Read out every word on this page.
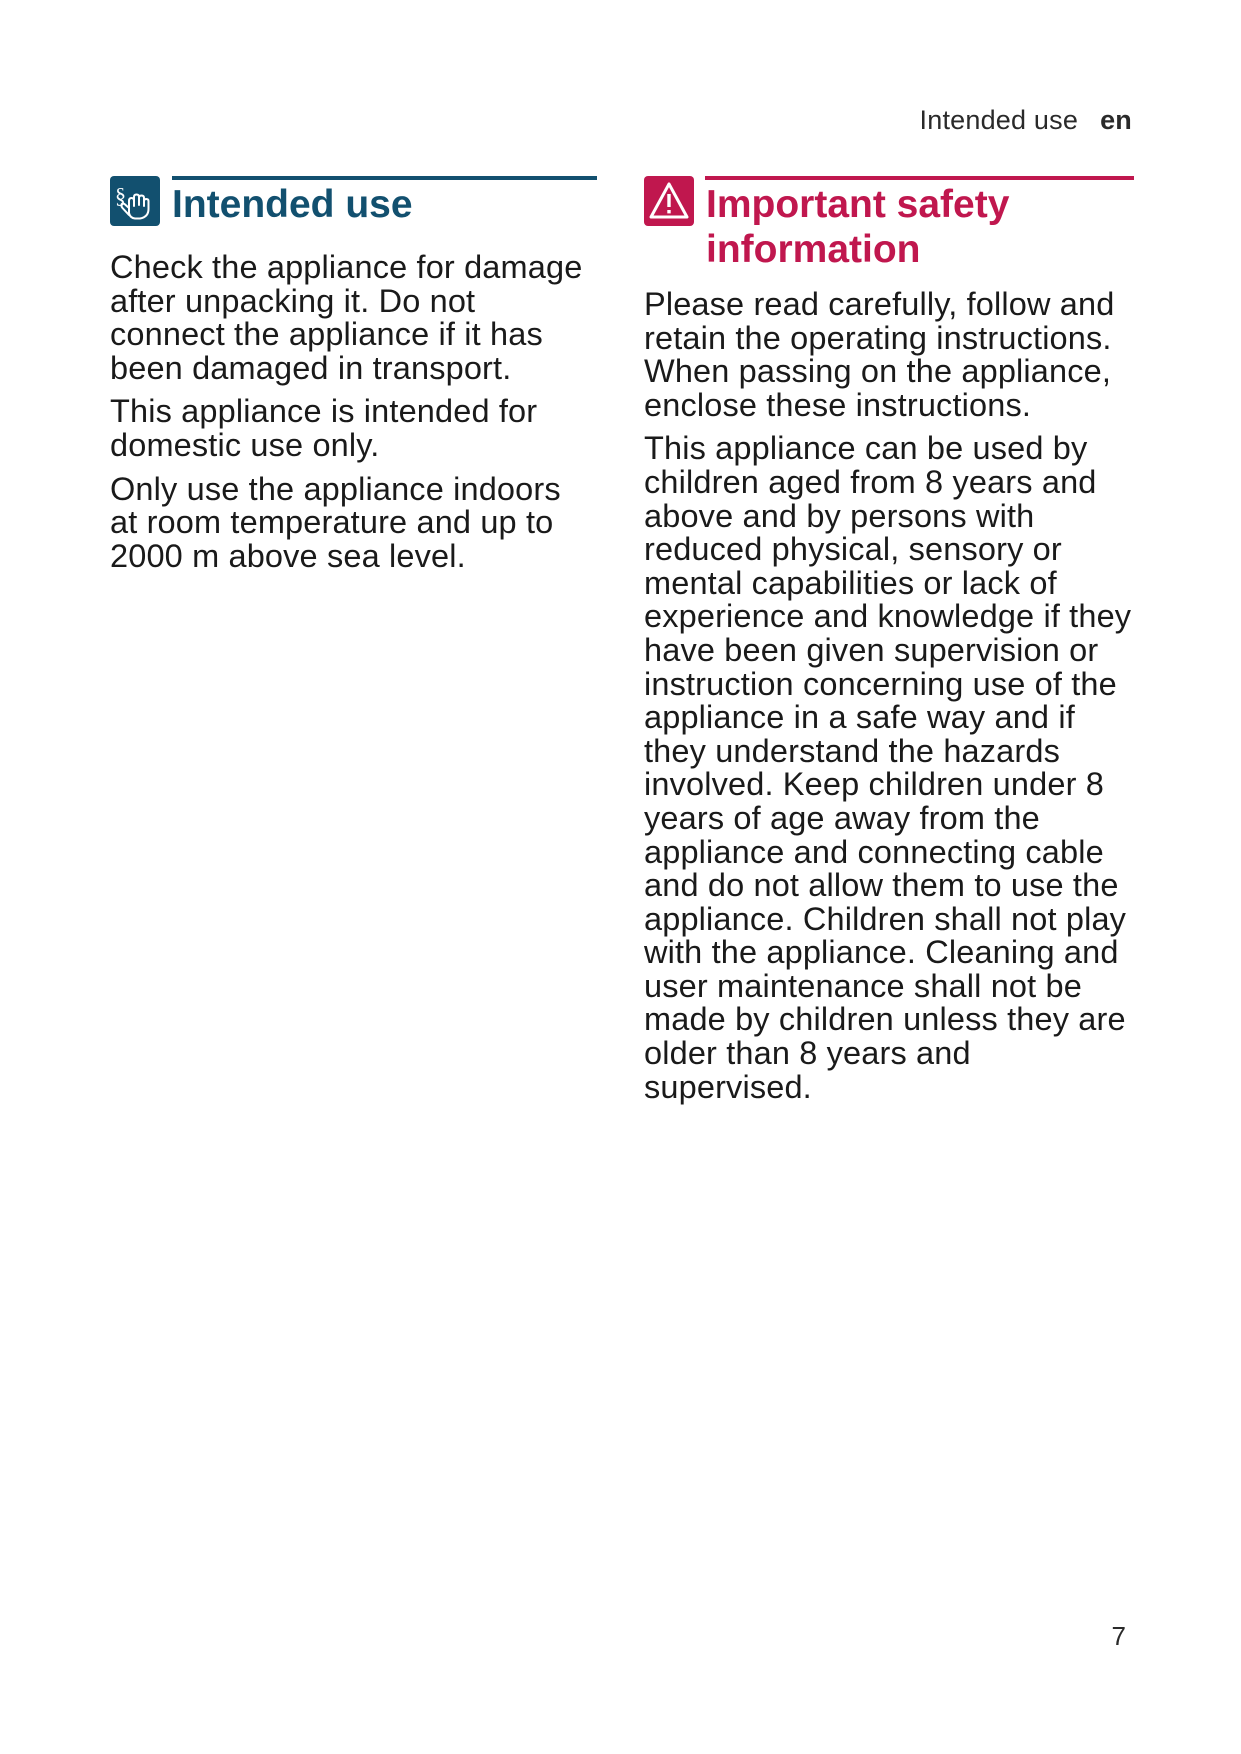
Intended use en
§ Intended use

Check the appliance for damage after unpacking it. Do not connect the appliance if it has been damaged in transport.

This appliance is intended for domestic use only.

Only use the appliance indoors at room temperature and up to 2000 m above sea level.

Important safety
information

Please read carefully, follow and retain the operating instructions. When passing on the appliance, enclose these instructions.

This appliance can be used by children aged from 8 years and above and by persons with reduced physical, sensory or mental capabilities or lack of experience and knowledge if they have been given supervision or instruction concerning use of the appliance in a safe way and if they understand the hazards involved. Keep children under 8 years of age away from the appliance and connecting cable and do not allow them to use the appliance. Children shall not play with the appliance. Cleaning and user maintenance shall not be made by children unless they are older than 8 years and supervised.

7
